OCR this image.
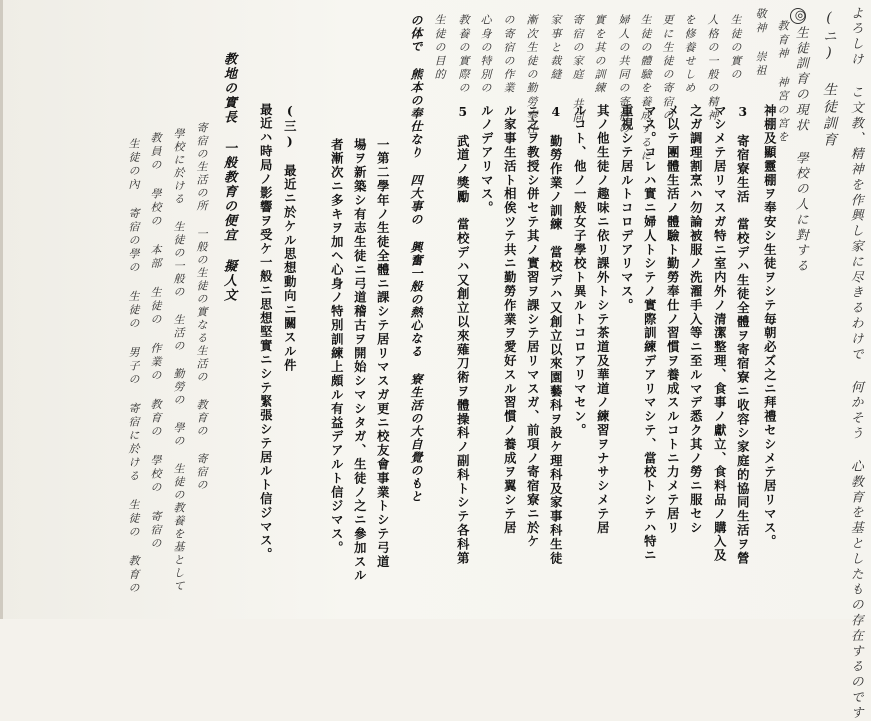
よろしけ こ文教、精神を作興し家に尽きるわけで 何かそう 心教育を基としたもの存在するのです
(ニ) 生徒訓育
◎生徒訓育の現状 學校の人に對する
神棚及顯靈棚ヲ奉安シ生徒ヲシテ毎朝必ズ之ニ拜禮セシメテ居リマス。
教育神 神宮の宮を
3　寄宿寮生活　當校デハ生徒全體ヲ寄宿寮ニ收容シ家庭的協同生活ヲ營
マシメテ居リマスガ特ニ室内外ノ清潔整理、食事ノ獻立、食料品ノ購入及
之ガ調理割烹ハ勿論被服ノ洗濯手入等ニ至ルマデ悉ク其ノ勞ニ服セシ
メ以テ團體生活ノ體驗ト勤勞奉仕ノ習慣ヲ養成スルコトニ力メテ居リ
マス。コレハ實ニ婦人トシテノ實際訓練デアリマシテ、當校トシテハ特ニ
重視シテ居ルトコロデアリマス。
其ノ他生徒ノ趣味ニ依リ課外トシテ茶道及華道ノ練習ヲナサシメテ居
ルコト、他ノ一般女子學校ト異ルトコロアリマセン。
4　勤勞作業ノ訓練　當校デハ又創立以來園藝科ヲ設ケ理科及家事科生徒
ニ之ヲ教授シ併セテ其ノ實習ヲ課シテ居リマスガ、前項ノ寄宿寮ニ於ケ
ル家事生活ト相俟ツテ共ニ勤勞作業ヲ愛好スル習慣ノ養成ヲ翼シテ居
ルノデアリマス。
5　武道ノ獎勵　當校デハ又創立以來薙刀術ヲ體操科ノ副科トシテ各科第
敬神 崇祖
生徒の實の
人格の一般の精神
を修養せしめ
更に生徒の寄宿の
生徒の體驗を養成するに
婦人の共同の寄宿の
實を其の訓練
寄宿の家庭 共同
家事と裁縫
漸次生徒の勤勞奉仕
の寄宿の作業
心身の特別の
教養の實際の
生徒の目的
の体で 熊本の奉仕なり 四大事の 興奮一般の熱心なる 寮生活の大自覺のもと
一第二學年ノ生徒全體ニ課シテ居リマスガ更ニ校友會事業トシテ弓道
場ヲ新築シ有志生徒ニ弓道稽古ヲ開始シマシタガ、生徒ノ之ニ參加スル
者漸次ニ多キヲ加ヘ心身ノ特別訓練上頗ル有益デアルト信ジマス。
(三)　最近ニ於ケル思想動向ニ關スル件
最近ハ時局ノ影響ヲ受ケ一般ニ思想堅實ニシテ緊張シテ居ルト信ジマス。
教地の實長 一般教育の便宜 擬人文
寄宿の生活の所 一般の生徒の實なる生活の 教育の 寄宿の
學校に於ける 生徒の一般の 生活の 勤勞の 學の 生徒の教養を基として
教員の 學校の 本部 生徒の 作業の 教育の 學校の 寄宿の
生徒の內 寄宿の學の 生徒の 男子の 寄宿に於ける 生徒の 教育の
